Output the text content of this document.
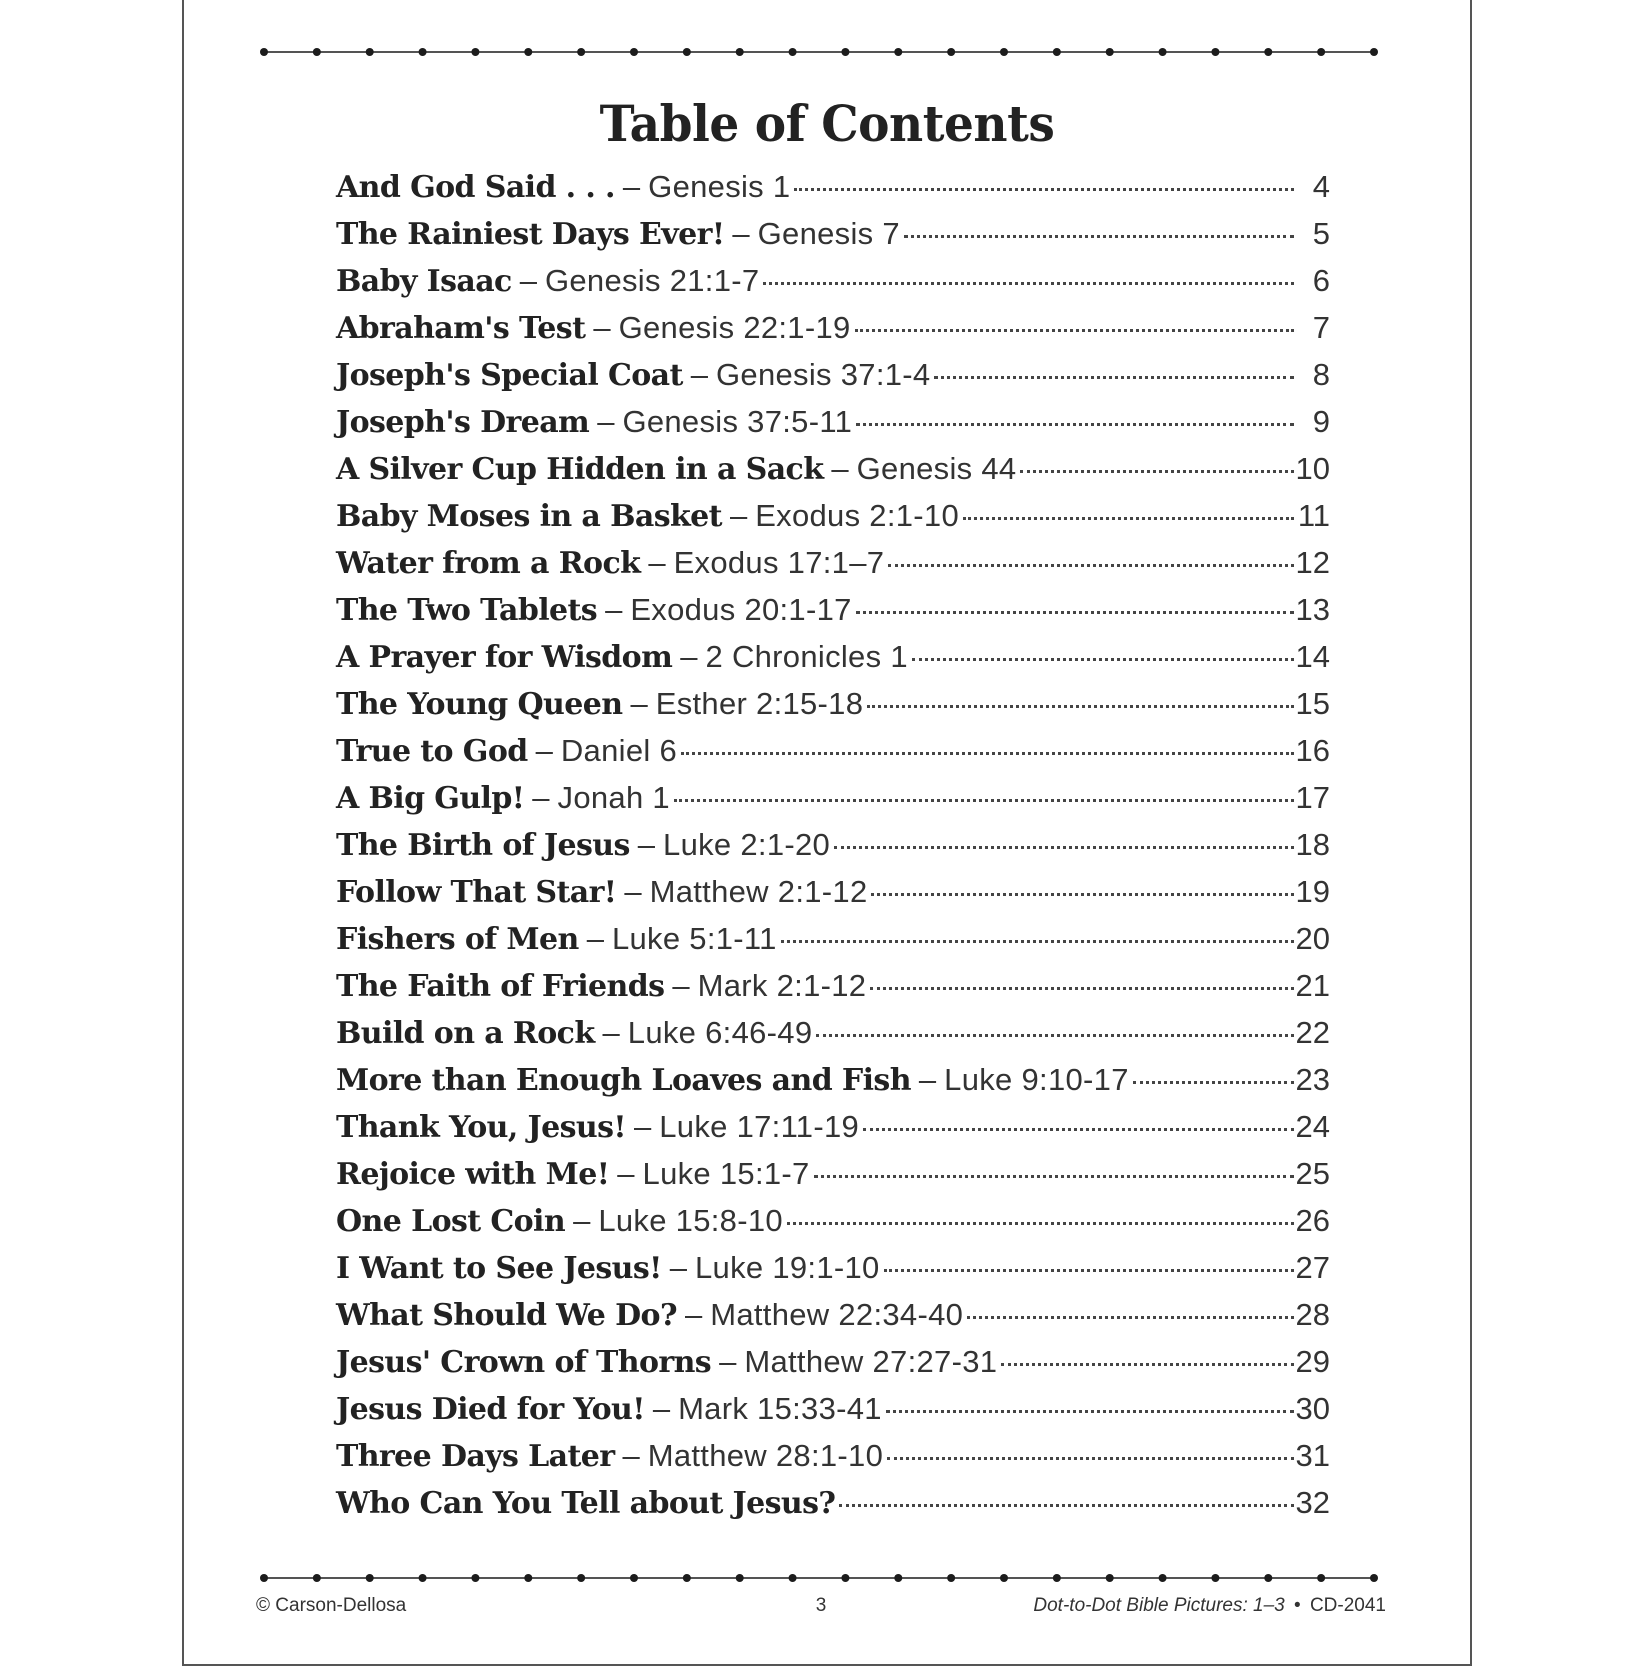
Table of Contents
And God Said . . . – Genesis 1	4
The Rainiest Days Ever! – Genesis 7	5
Baby Isaac – Genesis 21:1-7	6
Abraham's Test – Genesis 22:1-19	7
Joseph's Special Coat – Genesis 37:1-4	8
Joseph's Dream – Genesis 37:5-11	9
A Silver Cup Hidden in a Sack – Genesis 44	10
Baby Moses in a Basket – Exodus 2:1-10	11
Water from a Rock – Exodus 17:1–7	12
The Two Tablets – Exodus 20:1-17	13
A Prayer for Wisdom – 2 Chronicles 1	14
The Young Queen – Esther 2:15-18	15
True to God – Daniel 6	16
A Big Gulp! – Jonah 1	17
The Birth of Jesus – Luke 2:1-20	18
Follow That Star! – Matthew 2:1-12	19
Fishers of Men – Luke 5:1-11	20
The Faith of Friends – Mark 2:1-12	21
Build on a Rock – Luke 6:46-49	22
More than Enough Loaves and Fish – Luke 9:10-17	23
Thank You, Jesus! – Luke 17:11-19	24
Rejoice with Me! – Luke 15:1-7	25
One Lost Coin – Luke 15:8-10	26
I Want to See Jesus! – Luke 19:1-10	27
What Should We Do? – Matthew 22:34-40	28
Jesus' Crown of Thorns – Matthew 27:27-31	29
Jesus Died for You! – Mark 15:33-41	30
Three Days Later – Matthew 28:1-10	31
Who Can You Tell about Jesus?	32
© Carson-Dellosa	3	Dot-to-Dot Bible Pictures: 1–3 • CD-2041
